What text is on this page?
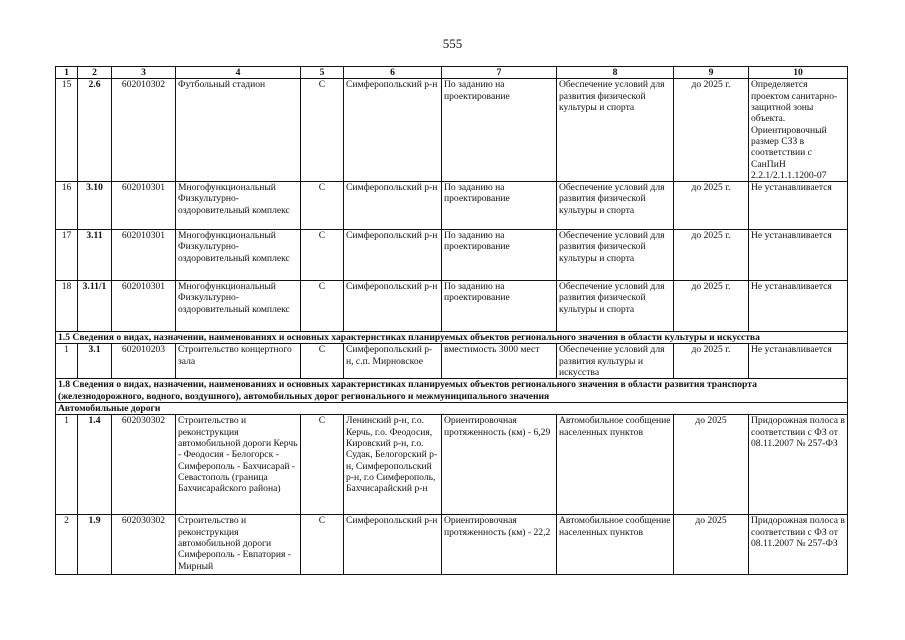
555
1	2	3	4	5	6	7	8	9	10
15	2.6	602010302	Футбольный стадион	С	Симферопольский р-н	По заданию на проектирование	Обеспечение условий для развития физической культуры и спорта	до 2025 г.	Определяется проектом санитарно-защитной зоны объекта. Ориентировочный размер СЗЗ в соответствии с СанПиН 2.2.1/2.1.1.1200-07
16	3.10	602010301	Многофункциональный Физкультурно-оздоровительный комплекс	С	Симферопольский р-н	По заданию на проектирование	Обеспечение условий для развития физической культуры и спорта	до 2025 г.	Не устанавливается
17	3.11	602010301	Многофункциональный Физкультурно-оздоровительный комплекс	С	Симферопольский р-н	По заданию на проектирование	Обеспечение условий для развития физической культуры и спорта	до 2025 г.	Не устанавливается
18	3.11/1	602010301	Многофункциональный Физкультурно-оздоровительный комплекс	С	Симферопольский р-н	По заданию на проектирование	Обеспечение условий для развития физической культуры и спорта	до 2025 г.	Не устанавливается
1.5 Сведения о видах, назначении, наименованиях и основных характеристиках планируемых объектов регионального значения в области культуры и искусства									
1	3.1	602010203	Строительство концертного зала	С	Симферопольский р-н, с.п. Мирновское	вместимость 3000 мест	Обеспечение условий для развития культуры и искусства	до 2025 г.	Не устанавливается
1.8 Сведения о видах, назначении, наименованиях и основных характеристиках планируемых объектов регионального значения в области развития транспорта (железнодорожного, водного, воздушного), автомобильных дорог регионального и межмуниципального значения									
Автомобильные дороги									
1	1.4	602030302	Строительство и реконструкция автомобильной дороги Керчь - Феодосия - Белогорск - Симферополь - Бахчисарай - Севастополь (граница Бахчисарайского района)	С	Ленинский р-н, г.о. Керчь, г.о. Феодосия, Кировский р-н, г.о. Судак, Белогорский р-н, Симферопольский р-н, г.о Симферополь, Бахчисарайский р-н	Ориентировочная протяженность (км) - 6,29	Автомобильное сообщение населенных пунктов	до 2025	Придорожная полоса в соответствии с ФЗ от 08.11.2007 № 257-ФЗ
2	1.9	602030302	Строительство и реконструкция автомобильной дороги Симферополь - Евпатория - Мирный	С	Симферопольский р-н	Ориентировочная протяженность (км) - 22,2	Автомобильное сообщение населенных пунктов	до 2025	Придорожная полоса в соответствии с ФЗ от 08.11.2007 № 257-ФЗ
